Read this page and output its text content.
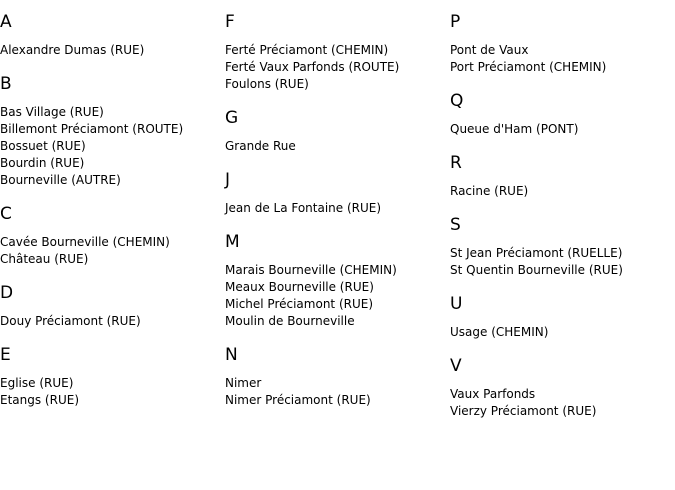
A
Alexandre Dumas (RUE)
B
Bas Village (RUE)
Billemont Préciamont (ROUTE)
Bossuet (RUE)
Bourdin (RUE)
Bourneville (AUTRE)
C
Cavée Bourneville (CHEMIN)
Château (RUE)
D
Douy Préciamont (RUE)
E
Eglise (RUE)
Etangs (RUE)
F
Ferté Préciamont (CHEMIN)
Ferté Vaux Parfonds (ROUTE)
Foulons (RUE)
G
Grande Rue
J
Jean de La Fontaine (RUE)
M
Marais Bourneville (CHEMIN)
Meaux Bourneville (RUE)
Michel Préciamont (RUE)
Moulin de Bourneville
N
Nimer
Nimer Préciamont (RUE)
P
Pont de Vaux
Port Préciamont (CHEMIN)
Q
Queue d'Ham (PONT)
R
Racine (RUE)
S
St Jean Préciamont (RUELLE)
St Quentin Bourneville (RUE)
U
Usage (CHEMIN)
V
Vaux Parfonds
Vierzy Préciamont (RUE)
